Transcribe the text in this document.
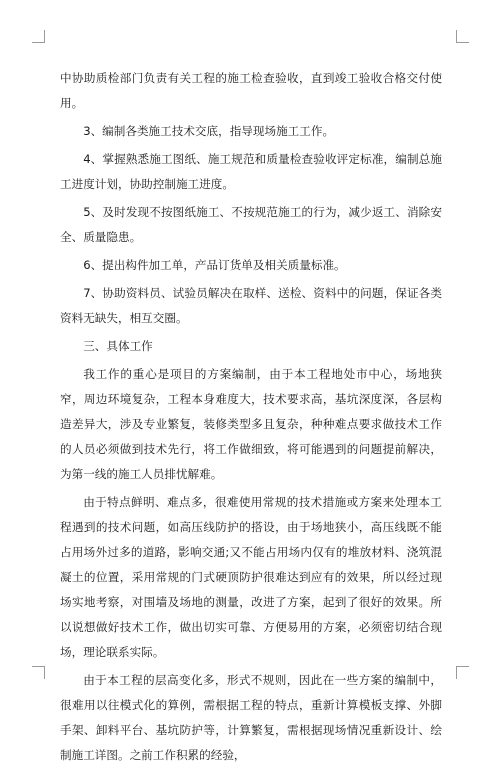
中协助质检部门负责有关工程的施工检查验收，直到竣工验收合格交付使用。

3、编制各类施工技术交底，指导现场施工工作。

4、掌握熟悉施工图纸、施工规范和质量检查验收评定标准，编制总施工进度计划，协助控制施工进度。

5、及时发现不按图纸施工、不按规范施工的行为，减少返工、消除安全、质量隐患。

6、提出构件加工单，产品订货单及相关质量标准。

7、协助资料员、试验员解决在取样、送检、资料中的问题，保证各类资料无缺失，相互交圈。

三、具体工作

我工作的重心是项目的方案编制，由于本工程地处市中心，场地狭窄，周边环境复杂，工程本身难度大，技术要求高，基坑深度深，各层构造差异大，涉及专业繁复，装修类型多且复杂，种种难点要求做技术工作的人员必须做到技术先行，将工作做细致，将可能遇到的问题提前解决，为第一线的施工人员排忧解难。

由于特点鲜明、难点多，很难使用常规的技术措施或方案来处理本工程遇到的技术问题，如高压线防护的搭设，由于场地狭小，高压线既不能占用场外过多的道路，影响交通;又不能占用场内仅有的堆放材料、浇筑混凝土的位置，采用常规的门式硬顶防护很难达到应有的效果，所以经过现场实地考察，对围墙及场地的测量，改进了方案，起到了很好的效果。所以说想做好技术工作，做出切实可靠、方便易用的方案，必须密切结合现场，理论联系实际。

由于本工程的层高变化多，形式不规则，因此在一些方案的编制中，很难用以往模式化的算例，需根据工程的特点，重新计算模板支撑、外脚手架、卸料平台、基坑防护等，计算繁复，需根据现场情况重新设计、绘制施工详图。之前工作积累的经验，
